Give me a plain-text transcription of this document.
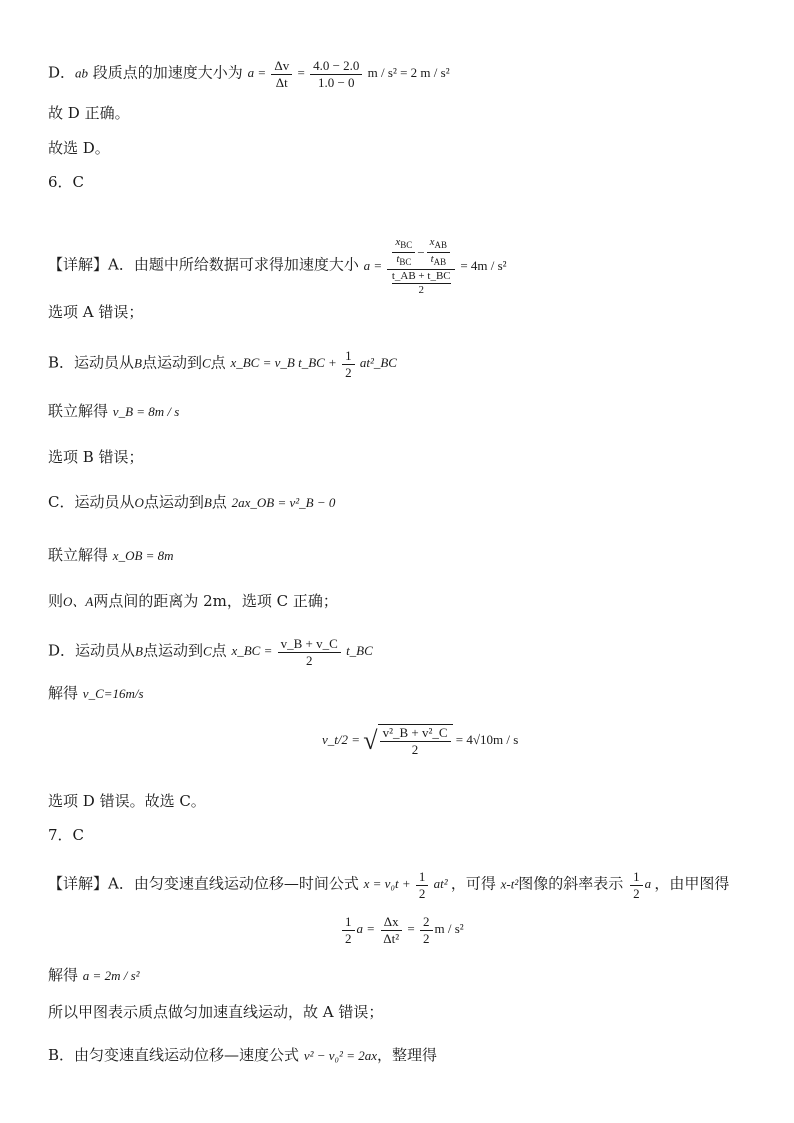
D．ab 段质点的加速度大小为 $a = \frac{\Delta v}{\Delta t} = \frac{4.0 - 2.0}{1.0 - 0}$ m / s² = 2 m / s²
故 D 正确。
故选 D。
6．C
【详解】A．由题中所给数据可求得加速度大小 $a = \frac{x_{BC}}{t_{BC}} - \frac{x_{AB}}{t_{AB}}$
t_AB + t_BC
2 = 4m / s²
选项 A 错误；
B．运动员从B点运动到C点 x_BC = v_B t_BC + $\frac{1}{2}$ at²_BC
联立解得 v_B = 8m / s
选项 B 错误；
C．运动员从O点运动到B点 2ax_OB = v²_B − 0
联立解得 x_OB = 8m
则O、A两点间的距离为 2m，选项 C 正确；
D．运动员从B点运动到C点 x_BC = $\frac{v\_B + v\_C}{2}$ t_BC
解得 v_C=16m/s
v_t/2 = √ $\frac{\text{v²\_B + v²\_C}}{2} = 4√10m / s$
选项 D 错误。故选 C。
7．C
【详解】A．由匀变速直线运动位移—时间公式 $x = v_0t + \frac{1}{2} at^2$ ，可得 x-t²图像的斜率表示 $\frac{1}{2}$ a ，由甲图得
$\frac{1}{2}$ $a = \frac{\Delta x}{\text{Δt²}} = \frac{2}{2}$ m / s²
解得 a = 2m / s²
所以甲图表示质点做匀加速直线运动，故 A 错误；
B．由匀变速直线运动位移—速度公式 v² − v₀² = 2ax，整理得
